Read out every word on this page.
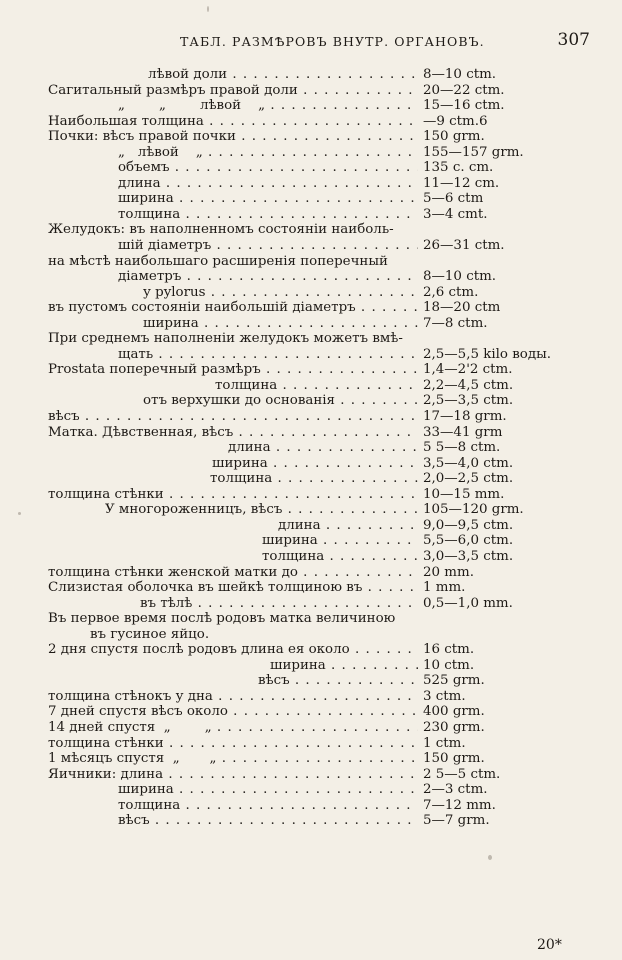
ТАБЛ. РАЗМѢРОВЪ ВНУТР. ОРГАНОВЪ.	307
лѣвой доли . . .	8—10 ctm.
Сагитальный размѣръ правой доли . . .	20—22 ctm.
„        „        лѣвой    „ . . .	15—16 ctm.
Наибольшая толщина . . .	—9 ctm.6
Почки: вѣсъ правой почки . . .	150 grm.
„   лѣвой    „ . . .	155—157 grm.
объемъ . . .	135 c. cm.
длина . . .	11—12 cm.
ширина . . .	5—6 ctm
толщина . . .	3—4 cmt.
Желудокъ: въ наполненномъ состояніи наиболь-
шій діаметръ . . .	26—31 ctm.
на мѣстѣ наибольшаго расширенія поперечный
діаметръ . . .	8—10 ctm.
у pylorus . . .	2,6 ctm.
въ пустомъ состояніи наибольшій діаметръ . . .	18—20 ctm
ширина . . .	7—8 ctm.
При среднемъ наполненіи желудокъ можетъ вмѣ-
щать . . .	2,5—5,5 kilo воды.
Prostata поперечный размѣръ . . .	1,4—2'2 ctm.
толщина . . .	2,2—4,5 ctm.
отъ верхушки до основанія . . .	2,5—3,5 ctm.
вѣсъ . . .	17—18 grm.
Матка. Дѣвственная, вѣсъ . . .	33—41 grm
длина . . .	5 5—8 ctm.
ширина . . .	3,5—4,0 ctm.
толщина . . .	2,0—2,5 ctm.
толщина стѣнки . . .	10—15 mm.
У многороженницъ, вѣсъ . . .	105—120 grm.
длина . . .	9,0—9,5 ctm.
ширина . . .	5,5—6,0 ctm.
толщина . . .	3,0—3,5 ctm.
толщина стѣнки женской матки до . . .	20 mm.
Слизистая оболочка въ шейкѣ толщиною въ . . .	1 mm.
въ тѣлѣ . . .	0,5—1,0 mm.
Въ первое время послѣ родовъ матка величиною
въ гусиное яйцо.
2 дня спустя послѣ родовъ длина ея около . . .	16 ctm.
ширина . . .	10 ctm.
вѣсъ . . .	525 grm.
толщина стѣнокъ у дна . . .	3 ctm.
7 дней спустя вѣсъ около . . .	400 grm.
14 дней спустя  „        „ . . .	230 grm.
толщина стѣнки . . .	1 ctm.
1 мѣсяцъ спустя  „       „ . . .	150 grm.
Яичники: длина . . .	2 5—5 ctm.
ширина . . .	2—3 ctm.
толщина . . .	7—12 mm.
вѣсъ . . .	5—7 grm.
20*
